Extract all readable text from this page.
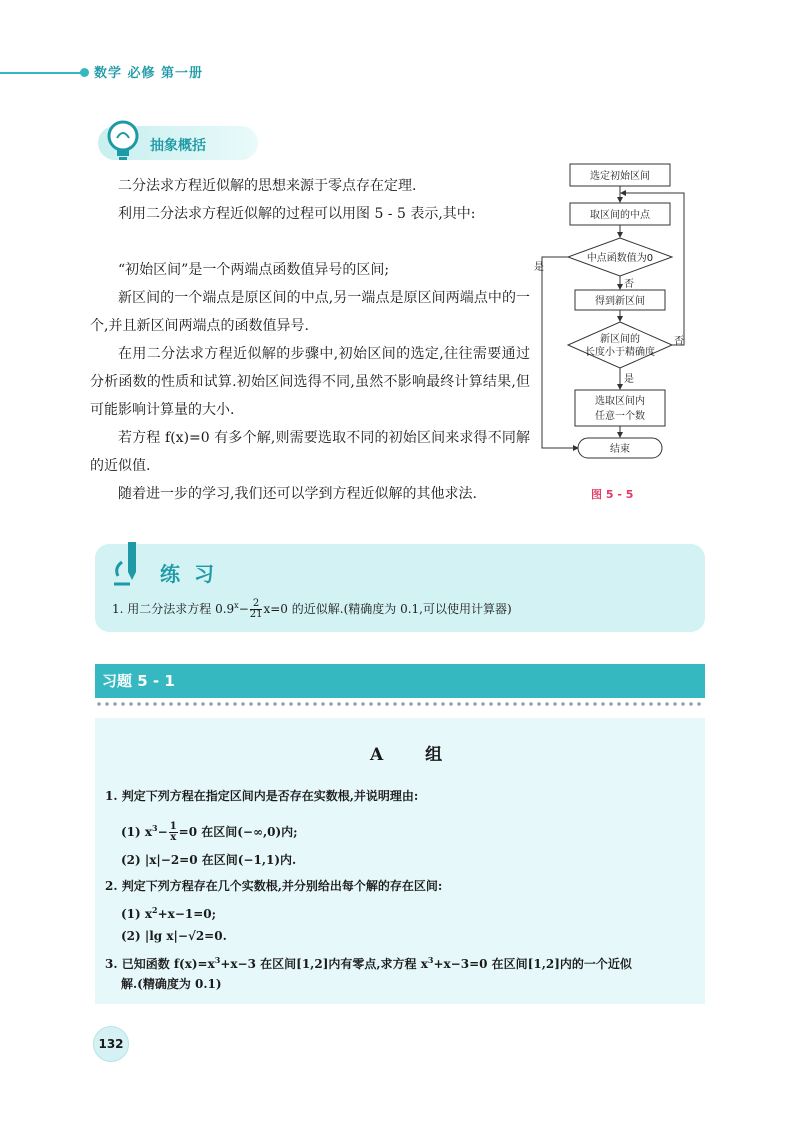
数学 必修 第一册
抽象概括
二分法求方程近似解的思想来源于零点存在定理.
利用二分法求方程近似解的过程可以用图 5 - 5 表示,其中:
“初始区间”是一个两端点函数值异号的区间;
新区间的一个端点是原区间的中点,另一端点是原区间两端点中的一个,并且新区间两端点的函数值异号.
在用二分法求方程近似解的步骤中,初始区间的选定,往往需要通过分析函数的性质和试算.初始区间选得不同,虽然不影响最终计算结果,但可能影响计算量的大小.
若方程 f(x)=0 有多个解,则需要选取不同的初始区间来求得不同解的近似值.
随着进一步的学习,我们还可以学到方程近似解的其他求法.
选定初始区间
取区间的中点
中点函数值为0
是
否
得到新区间
新区间的
长度小于精确度
否
是
选取区间内
任意一个数
结束
图 5 - 5
练习
1. 用二分法求方程 $0.9^x- \frac{2}{21} x=0$ 的近似解.(精确度为 0.1,可以使用计算器)
习题 5 - 1
A 组
1. 判定下列方程在指定区间内是否存在实数根,并说明理由:
(1) $x^3- \frac{1}{x} =0$ 在区间(−∞,0)内;
(2) |x|−2=0 在区间(−1,1)内.
2. 判定下列方程存在几个实数根,并分别给出每个解的存在区间:
(1) $x^2+x-1=0$;
(2) |lg x|−√2=0.
3. 已知函数 $f(x)=x^3+x-3$ 在区间[1,2]内有零点,求方程 $x^3+x-3=0$ 在区间[1,2]内的一个近似
解.(精确度为 0.1)
132
